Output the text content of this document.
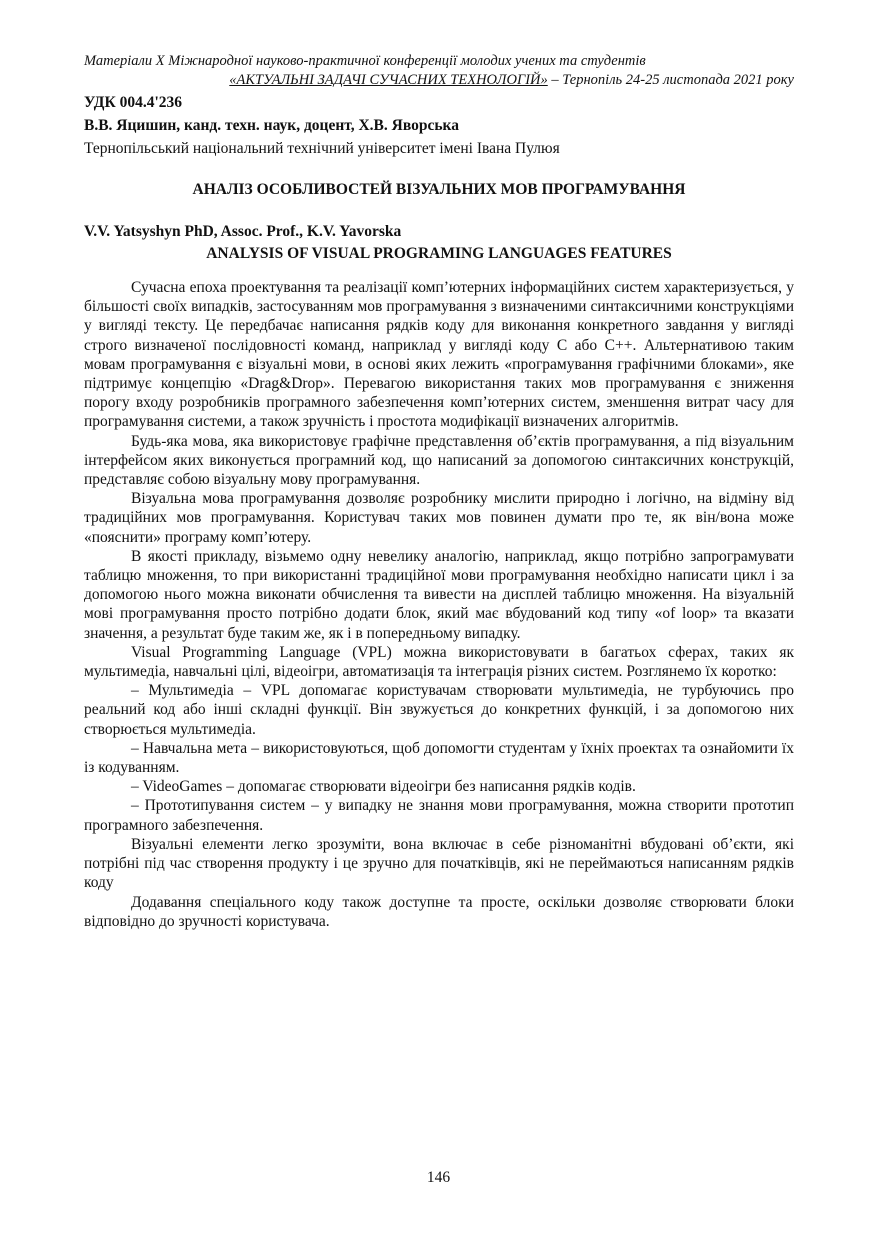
Матеріали X Міжнародної науково-практичної конференції молодих учених та студентів
«АКТУАЛЬНІ ЗАДАЧІ СУЧАСНИХ ТЕХНОЛОГІЙ» – Тернопіль 24-25 листопада 2021 року
УДК 004.4'236
В.В. Яцишин, канд. техн. наук, доцент, Х.В. Яворська
Тернопільський національний технічний університет імені Івана Пулюя
АНАЛІЗ ОСОБЛИВОСТЕЙ ВІЗУАЛЬНИХ МОВ ПРОГРАМУВАННЯ
V.V. Yatsyshyn PhD, Assoc. Prof., K.V. Yavorska
ANALYSIS OF VISUAL PROGRAMING LANGUAGES FEATURES

Сучасна епоха проектування та реалізації комп’ютерних інформаційних систем характеризується, у більшості своїх випадків, застосуванням мов програмування з визначеними синтаксичними конструкціями у вигляді тексту. Це передбачає написання рядків коду для виконання конкретного завдання у вигляді строго визначеної послідовності команд, наприклад у вигляді коду C або C++. Альтернативою таким мовам програмування є візуальні мови, в основі яких лежить «програмування графічними блоками», яке підтримує концепцію «Drag&Drop». Перевагою використання таких мов програмування є зниження порогу входу розробників програмного забезпечення комп’ютерних систем, зменшення витрат часу для програмування системи, а також зручність і простота модифікації визначених алгоритмів.

Будь-яка мова, яка використовує графічне представлення об’єктів програмування, а під візуальним інтерфейсом яких виконується програмний код, що написаний за допомогою синтаксичних конструкцій, представляє собою візуальну мову програмування.

Візуальна мова програмування дозволяє розробнику мислити природно і логічно, на відміну від традиційних мов програмування. Користувач таких мов повинен думати про те, як він/вона може «пояснити» програму комп’ютеру.

В якості прикладу, візьмемо одну невелику аналогію, наприклад, якщо потрібно запрограмувати таблицю множення, то при використанні традиційної мови програмування необхідно написати цикл і за допомогою нього можна виконати обчислення та вивести на дисплей таблицю множення. На візуальній мові програмування просто потрібно додати блок, який має вбудований код типу «of loop» та вказати значення, а результат буде таким же, як і в попередньому випадку.

Visual Programming Language (VPL) можна використовувати в багатьох сферах, таких як мультимедіа, навчальні цілі, відеоігри, автоматизація та інтеграція різних систем. Розглянемо їх коротко:

– Мультимедіа – VPL допомагає користувачам створювати мультимедіа, не турбуючись про реальний код або інші складні функції. Він звужується до конкретних функцій, і за допомогою них створюється мультимедіа.

– Навчальна мета – використовуються, щоб допомогти студентам у їхніх проектах та ознайомити їх із кодуванням.

– VideoGames – допомагає створювати відеоігри без написання рядків кодів.

– Прототипування систем – у випадку не знання мови програмування, можна створити прототип програмного забезпечення.

Візуальні елементи легко зрозуміти, вона включає в себе різноманітні вбудовані об’єкти, які потрібні під час створення продукту і це зручно для початківців, які не переймаються написанням рядків коду

Додавання спеціального коду також доступне та просте, оскільки дозволяє створювати блоки відповідно до зручності користувача.

146
